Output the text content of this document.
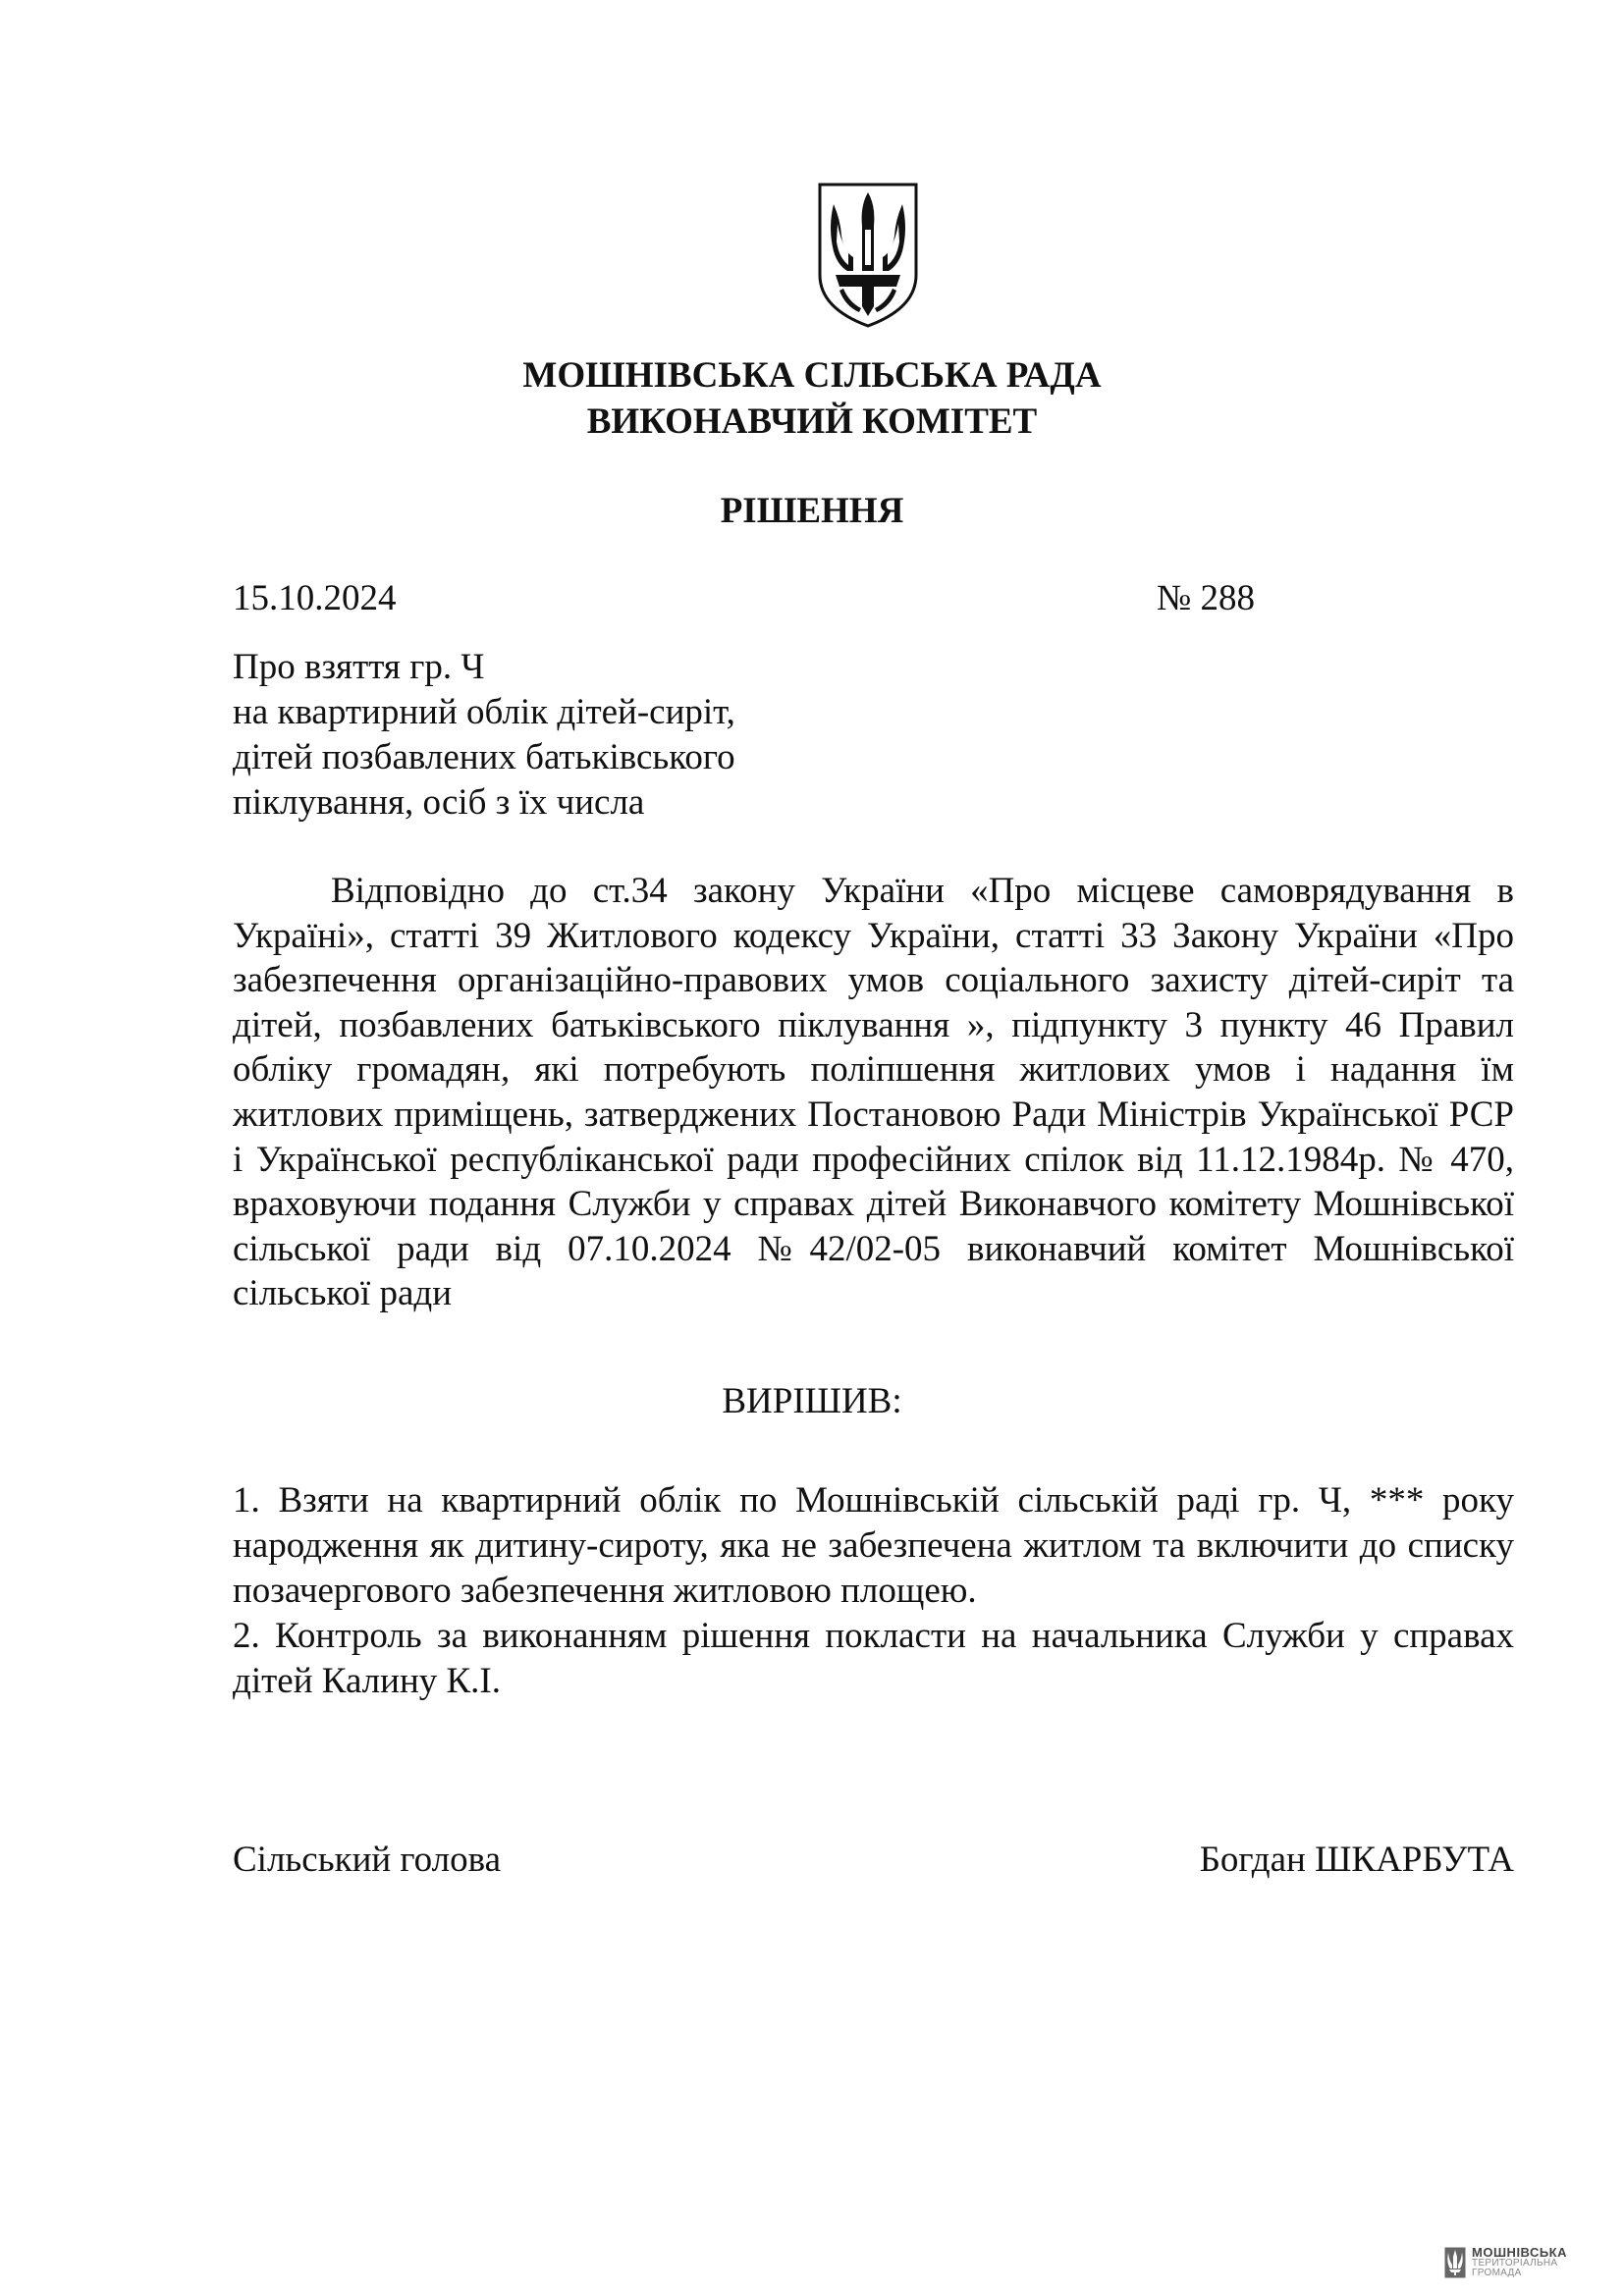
МОШНІВСЬКА СІЛЬСЬКА РАДА
ВИКОНАВЧИЙ КОМІТЕТ
РІШЕННЯ
15.10.2024	№ 288
Про взяття гр. Ч
на квартирний облік дітей-сиріт,
дітей позбавлених батьківського
піклування, осіб з їх числа
Відповідно до ст.34 закону України «Про місцеве самоврядування в Україні», статті 39 Житлового кодексу України, статті 33 Закону України «Про забезпечення організаційно-правових умов соціального захисту дітей-сиріт та дітей, позбавлених батьківського піклування », підпункту 3 пункту 46 Правил обліку громадян, які потребують поліпшення житлових умов і надання їм житлових приміщень, затверджених Постановою Ради Міністрів Української РСР і Української республіканської ради професійних спілок від 11.12.1984р. № 470, враховуючи подання Служби у справах дітей Виконавчого комітету Мошнівської сільської ради від 07.10.2024 №42/02-05 виконавчий комітет Мошнівської сільської ради
ВИРІШИВ:
1. Взяти на квартирний облік по Мошнівській сільській раді гр. Ч, *** року народження як дитину-сироту, яка не забезпечена житлом та включити до списку позачергового забезпечення житловою площею.
2. Контроль за виконанням рішення покласти на начальника Служби у справах дітей Калину К.І.
Сільський голова	Богдан ШКАРБУТА
МОШНІВСЬКА
ТЕРИТОРІАЛЬНА
ГРОМАДА
